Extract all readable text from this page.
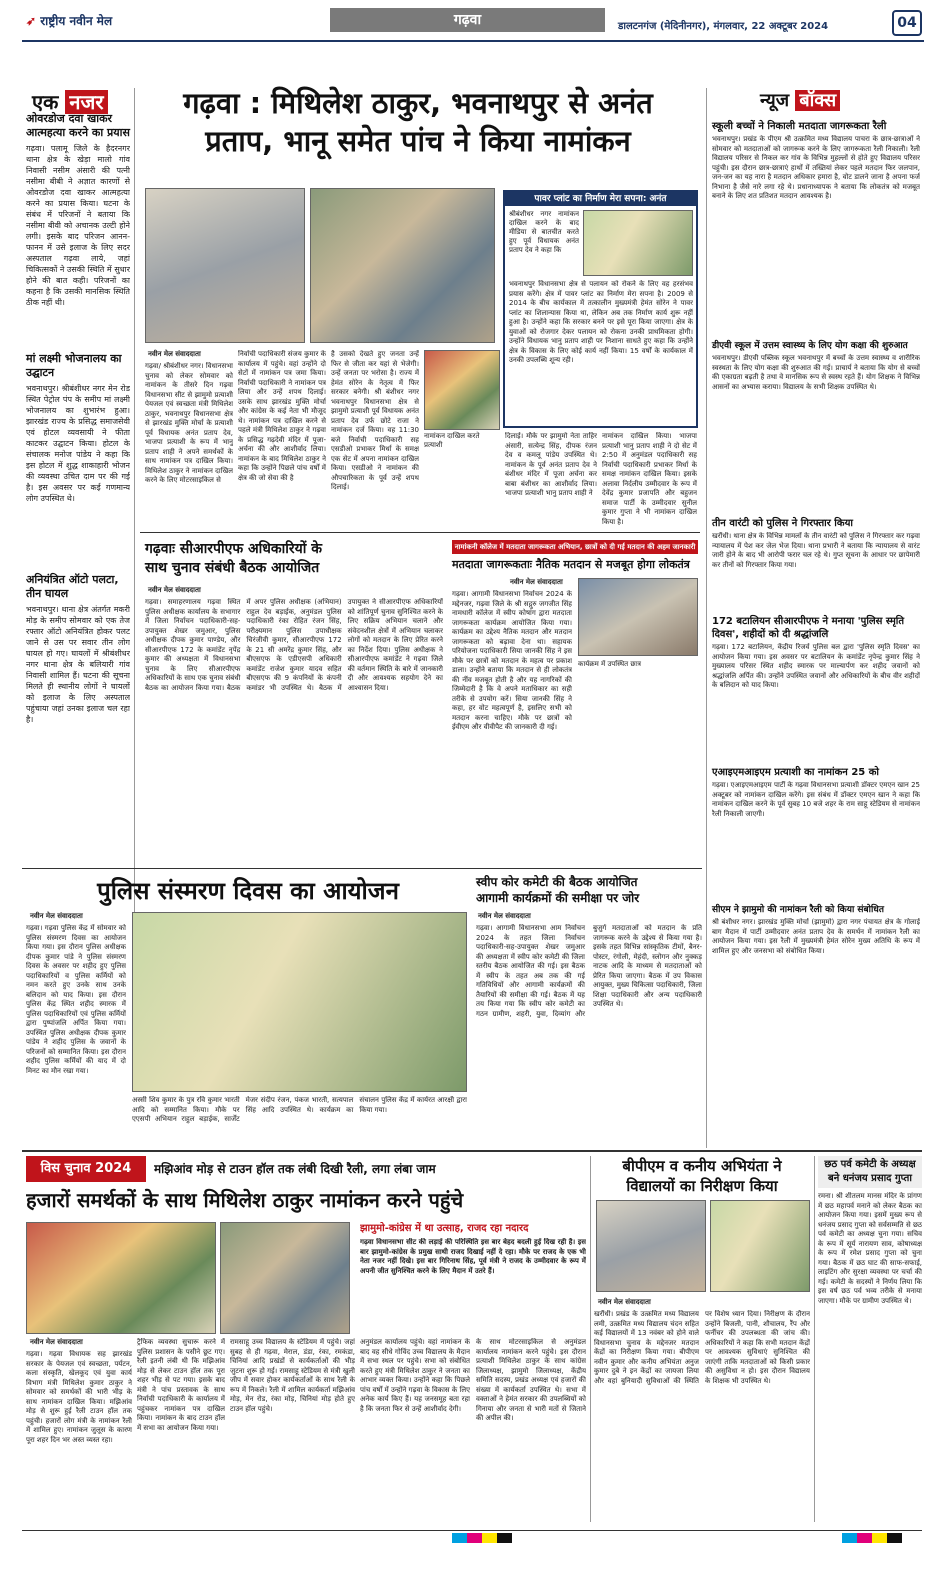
➶ राष्ट्रीय नवीन मेल	गढ़वा	डालटनगंज (मेदिनीनगर), मंगलवार, 22 अक्टूबर 2024	04
एक नजर
ओवरडोज दवा खाकर आत्महत्या करने का प्रयास
गढ़वा। पलामू जिले के हैदरनगर थाना क्षेत्र के खेड़ा मालो गांव निवासी नसीम अंसारी की पत्नी नसीमा बीबी ने अज्ञात कारणों से ओवरडोज दवा खाकर आत्महत्या करने का प्रयास किया। घटना के संबंध में परिजनों ने बताया कि नसीमा बीवी को अचानक उल्टी होने लगी। इसके बाद परिजन आनन-फानन में उसे इलाज के लिए सदर अस्पताल गढ़वा लाये, जहां चिकित्सकों ने उसकी स्थिति में सुधार होने की बात कही। परिजनों का कहना है कि उसकी मानसिक स्थिति ठीक नहीं थी।
मां लक्ष्मी भोजनालय का उद्घाटन
भवनाथपुर। श्रीबंशीधर नगर मेन रोड स्थित पेट्रोल पंप के समीप मां लक्ष्मी भोजनालय का शुभारंभ हुआ। झारखंड राज्य के प्रसिद्ध समाजसेवी एवं होटल व्यवसायी ने फीता काटकर उद्घाटन किया। होटल के संचालक मनोज पांडेय ने कहा कि इस होटल में शुद्ध शाकाहारी भोजन की व्यवस्था उचित दाम पर की गई है। इस अवसर पर कई गणमान्य लोग उपस्थित थे।
अनियंत्रित ऑटो पलटा, तीन घायल
भवनाथपुर। थाना क्षेत्र अंतर्गत मकरी मोड़ के समीप सोमवार को एक तेज रफ्तार ऑटो अनियंत्रित होकर पलट जाने से उस पर सवार तीन लोग घायल हो गए। घायलों में श्रीबंशीधर नगर थाना क्षेत्र के बलियारी गांव निवासी शामिल हैं। घटना की सूचना मिलते ही स्थानीय लोगों ने घायलों को इलाज के लिए अस्पताल पहुंचाया जहां उनका इलाज चल रहा है।
गढ़वा : मिथिलेश ठाकुर, भवनाथपुर से अनंत
प्रताप, भानू समेत पांच ने किया नामांकन
पावर प्लांट का निर्माण मेरा सपना: अनंत
श्रीबंशीधर नगर नामांकन दाखिल करने के बाद मीडिया से बातचीत करते हुए पूर्व विधायक अनंत प्रताप देव ने कहा कि
भवनाथपुर विधानसभा क्षेत्र से पलायन को रोकने के लिए वह हरसंभव प्रयास करेंगे। क्षेत्र में पावर प्लांट का निर्माण मेरा सपना है। 2009 से 2014 के बीच कार्यकाल में तत्कालीन मुख्यमंत्री हेमंत सोरेन ने पावर प्लांट का शिलान्यास किया था, लेकिन अब तक निर्माण कार्य शुरू नहीं हुआ है। उन्होंने कहा कि सरकार बनने पर इसे पूरा किया जाएगा। क्षेत्र के युवाओं को रोजगार देकर पलायन को रोकना उनकी प्राथमिकता होगी। उन्होंने विधायक भानु प्रताप शाही पर निशाना साधते हुए कहा कि उन्होंने क्षेत्र के विकास के लिए कोई कार्य नहीं किया। 15 वर्षों के कार्यकाल में उनकी उपलब्धि शून्य रही।
नवीन मेल संवाददाता
गढ़वा/ श्रीबंशीधर नगर। विधानसभा चुनाव को लेकर सोमवार को नामांकन के तीसरे दिन गढ़वा विधानसभा सीट से झामुमो प्रत्याशी पेयजल एवं स्वच्छता मंत्री मिथिलेश ठाकुर, भवनाथपुर विधानसभा क्षेत्र से झारखंड मुक्ति मोर्चा के प्रत्याशी पूर्व विधायक अनंत प्रताप देव, भाजपा प्रत्याशी के रूप में भानु प्रताप शाही ने अपने समर्थकों के साथ नामांकन पत्र दाखिल किया। मिथिलेश ठाकुर ने नामांकन दाखिल करने के लिए मोटरसाइकिल से
निर्वाची पदाधिकारी संजय कुमार के कार्यालय में पहुंचे। वहां उन्होंने दो सेटों में नामांकन पत्र जमा किया। निर्वाची पदाधिकारी ने नामांकन पत्र लिया और उन्हें शपथ दिलाई। उसके साथ झारखंड मुक्ति मोर्चा और कांग्रेस के कई नेता भी मौजूद थे। नामांकन पत्र दाखिल करने से पहले मंत्री मिथिलेश ठाकुर ने गढ़वा के प्रसिद्ध गढ़देवी मंदिर में पूजा-अर्चना की और आशीर्वाद लिया। नामांकन के बाद मिथिलेश ठाकुर ने कहा कि उन्होंने पिछले पांच वर्षों में क्षेत्र की जो सेवा की है
है उसको देखते हुए जनता उन्हें फिर से जीता कर यहां से भेजेगी। उन्हें जनता पर भरोसा है। राज्य में हेमंत सोरेन के नेतृत्व में फिर सरकार बनेगी। श्री बंशीधर नगर भवनाथपुर विधानसभा क्षेत्र से झामुमो प्रत्याशी पूर्व विधायक अनंत प्रताप देव उर्फ छोटे राजा ने नामांकन दर्ज किया। वह 11:30 बजे निर्वाची पदाधिकारी सह एसडीओ प्रभाकर मिर्धा के समक्ष एक सेट में अपना नामांकन दाखिल किया। एसडीओ ने नामांकन की औपचारिकता के पूर्व उन्हें शपथ दिलाई।
दिलाई। मौके पर झामुमो नेता ताहिर अंसारी, सत्येन्द्र सिंह, दीपक रंजन देव व कमलू पांडेय उपस्थित थे। नामांकन के पूर्व अनंत प्रताप देव ने बंशीधर मंदिर में पूजा अर्चना कर बाबा बंशीधर का आशीर्वाद लिया। भाजपा प्रत्याशी भानु प्रताप शाही ने
नामांकन दाखिल किया। भाजपा प्रत्याशी भानु प्रताप शाही ने दो सेट में 2:50 में अनुमंडल पदाधिकारी सह निर्वाची पदाधिकारी प्रभाकर मिर्धा के समक्ष नामांकन दाखिल किया। इसके अलावा निर्दलीय उम्मीदवार के रूप में देवेंद्र कुमार प्रजापति और बहुजन समाज पार्टी के उम्मीदवार सुनील कुमार गुप्ता ने भी नामांकन दाखिल किया है।
नामांकन दाखिल करते प्रत्याशी
गढ़वाः सीआरपीएफ अधिकारियों के
साथ चुनाव संबंधी बैठक आयोजित
नवीन मेल संवाददाता
गढ़वा। समाहरणालय गढ़वा स्थित पुलिस अधीक्षक कार्यालय के सभागार में जिला निर्वाचन पदाधिकारी-सह-उपायुक्त शेखर जमुआर, पुलिस अधीक्षक दीपक कुमार पाण्डेय, और सीआरपीएफ 172 के कमांडेंट नृपेंद्र कुमार की अध्यक्षता में विधानसभा चुनाव के लिए सीआरपीएफ अधिकारियों के साथ एक चुनाव संबंधी बैठक का आयोजन किया गया। बैठक में अपर पुलिस अधीक्षक (अभियान) राहुल देव बड़ाईक, अनुमंडल पुलिस पदाधिकारी रंका रोहित रंजन सिंह, परीक्ष्यमान पुलिस उपाधीक्षक चिरंजीवी कुमार, सीआरपीएफ 172 के 21 सी अमरेंद्र कुमार सिंह, और बीएसएफ के एडीएसपी अधिकारी कमांडेंट राजेश कुमार यादव सहित बीएसएफ की 9 कंपनियों के कंपनी कमांडर भी उपस्थित थे। बैठक में उपायुक्त ने सीआरपीएफ अधिकारियों को शांतिपूर्ण चुनाव सुनिश्चित करने के लिए सक्रिय अभियान चलाने और संवेदनशील क्षेत्रों में अभियान चलाकर लोगों को मतदान के लिए प्रेरित करने का निर्देश दिया। पुलिस अधीक्षक ने सीआरपीएफ कमांडेंट ने गढ़वा जिले की वर्तमान स्थिति के बारे में जानकारी दी और आवश्यक सहयोग देने का आश्वासन दिया।
नामांकनी कॉलेज में मतदाता जागरूकता अभियान, छात्रों को दी गई मतदान की अहम जानकारी
मतदाता जागरूकताः नैतिक मतदान से मजबूत होगा लोकतंत्र
नवीन मेल संवाददाता
गढ़वा। आगामी विधानसभा निर्वाचन 2024 के मद्देनजर, गढ़वा जिले के श्री सद्गुरु जगजीत सिंह नामधारी कॉलेज में स्वीप कोषांग द्वारा मतदाता जागरूकता कार्यक्रम आयोजित किया गया। कार्यक्रम का उद्देश्य नैतिक मतदान और मतदान जागरूकता को बढ़ावा देना था। सहायक परियोजना पदाधिकारी सिया जानकी सिंह ने इस मौके पर छात्रों को मतदान के महत्व पर प्रकाश डाला। उन्होंने बताया कि मतदान से ही लोकतंत्र की नींव मजबूत होती है और यह नागरिकों की जिम्मेदारी है कि वे अपने मताधिकार का सही तरीके से उपयोग करें। सिया जानकी सिंह ने कहा, हर वोट महत्वपूर्ण है, इसलिए सभी को मतदान करना चाहिए। मौके पर छात्रों को ईवीएम और वीवीपैट की जानकारी दी गई।
कार्यक्रम में उपस्थित छात्र
पुलिस संस्मरण दिवस का आयोजन
नवीन मेल संवाददाता
गढ़वा। गढ़वा पुलिस केंद्र में सोमवार को पुलिस संस्मरण दिवस का आयोजन किया गया। इस दौरान पुलिस अधीक्षक दीपक कुमार पांडे ने पुलिस संस्मरण दिवस के अवसर पर शहीद हुए पुलिस पदाधिकारियों व पुलिस कर्मियों को नमन करते हुए उनके साथ उनके बलिदान को याद किया। इस दौरान पुलिस केंद्र स्थित शहीद स्मारक में पुलिस पदाधिकारियों एवं पुलिस कर्मियों द्वारा पुष्पांजलि अर्पित किया गया। उपस्थित पुलिस अधीक्षक दीपक कुमार पांडेय ने शहीद पुलिस के जवानों के परिजनों को सम्मानित किया। इस दौरान शहीद पुलिस कर्मियों की याद में दो मिनट का मौन रखा गया।
अस्सी शिव कुमार के पुत्र रवि कुमार भारती आदि को सम्मानित किया। मौके पर एएसपी अभियान राहुल बड़ाईक, सार्जेंट मेजर संदीप रंजन, पंकज भारती, सत्यपाल सिंह आदि उपस्थित थे। कार्यक्रम का संचालन पुलिस केंद्र में कार्यरत आरक्षी द्वारा किया गया।
स्वीप कोर कमेटी की बैठक आयोजित
आगामी कार्यक्रमों की समीक्षा पर जोर
नवीन मेल संवाददाता
गढ़वा। आगामी विधानसभा आम निर्वाचन 2024 के तहत जिला निर्वाचन पदाधिकारी-सह-उपायुक्त शेखर जमुआर की अध्यक्षता में स्वीप कोर कमेटी की जिला स्तरीय बैठक आयोजित की गई। इस बैठक में स्वीप के तहत अब तक की गई गतिविधियों और आगामी कार्यक्रमों की तैयारियों की समीक्षा की गई। बैठक में यह तय किया गया कि स्वीप कोर कमेटी का गठन ग्रामीण, शहरी, युवा, दिव्यांग और बुजुर्ग मतदाताओं को मतदान के प्रति जागरूक करने के उद्देश्य से किया गया है। इसके तहत विभिन्न सांस्कृतिक टीमों, बैनर-पोस्टर, रंगोली, मेहंदी, स्लोगन और नुक्कड़ नाटक आदि के माध्यम से मतदाताओं को प्रेरित किया जाएगा। बैठक में उप विकास आयुक्त, मुख्य चिकित्सा पदाधिकारी, जिला शिक्षा पदाधिकारी और अन्य पदाधिकारी उपस्थित थे।
न्यूज बॉक्स
स्कूली बच्चों ने निकाली मतदाता जागरूकता रैली
भवनाथपुर। प्रखंड के पीएम श्री उत्क्रमित मध्य विद्यालय पाचरा के छात्र-छात्राओं ने सोमवार को मतदाताओं को जागरूक करने के लिए जागरूकता रैली निकाली। रैली विद्यालय परिसर से निकल कर गांव के विभिन्न मुहल्लों से होते हुए विद्यालय परिसर पहुंची। इस दौरान छात्र-छात्राएं हाथों में तख्तियां लेकर पहले मतदान फिर जलपान, जन-जन का यह नारा है मतदान अधिकार हमारा है, वोट डालने जाना है अपना फर्ज निभाना है जैसे नारे लगा रहे थे। प्रधानाध्यापक ने बताया कि लोकतंत्र को मजबूत बनाने के लिए शत प्रतिशत मतदान आवश्यक है।
डीएवी स्कूल में उत्तम स्वास्थ्य के लिए योग कक्षा की शुरुआत
भवनाथपुर। डीएवी पब्लिक स्कूल भवनाथपुर में बच्चों के उत्तम स्वास्थ्य व शारीरिक स्वस्थता के लिए योग कक्षा की शुरुआत की गई। प्राचार्य ने बताया कि योग से बच्चों की एकाग्रता बढ़ती है तथा वे मानसिक रूप से स्वस्थ रहते हैं। योग शिक्षक ने विभिन्न आसनों का अभ्यास कराया। विद्यालय के सभी शिक्षक उपस्थित थे।
तीन वारंटी को पुलिस ने गिरफ्तार किया
खरौंधी। थाना क्षेत्र के विभिन्न मामलों के तीन वारंटी को पुलिस ने गिरफ्तार कर गढ़वा न्यायालय में पेश कर जेल भेज दिया। थाना प्रभारी ने बताया कि न्यायालय से वारंट जारी होने के बाद भी आरोपी फरार चल रहे थे। गुप्त सूचना के आधार पर छापेमारी कर तीनों को गिरफ्तार किया गया।
172 बटालियन सीआरपीएफ ने मनाया 'पुलिस स्मृति दिवस', शहीदों को दी श्रद्धांजलि
गढ़वा। 172 बटालियन, केंद्रीय रिजर्व पुलिस बल द्वारा 'पुलिस स्मृति दिवस' का आयोजन किया गया। इस अवसर पर बटालियन के कमांडेंट नृपेन्द्र कुमार सिंह ने मुख्यालय परिसर स्थित शहीद स्मारक पर माल्यार्पण कर शहीद जवानों को श्रद्धांजलि अर्पित की। उन्होंने उपस्थित जवानों और अधिकारियों के बीच वीर शहीदों के बलिदान को याद किया।
एआइएमआइएम प्रत्याशी का नामांकन 25 को
गढ़वा। एआइएमआइएम पार्टी के गढ़वा विधानसभा प्रत्याशी डॉक्टर एमएन खान 25 अक्टूबर को नामांकन दाखिल करेंगे। इस संबंध में डॉक्टर एमएन खान ने कहा कि नामांकन दाखिल करने के पूर्व सुबह 10 बजे शहर के राम साहू स्टेडियम से नामांकन रैली निकाली जाएगी।
सीएम ने झामुमो की नामांकन रैली को किया संबोधित
श्री बंशीधर नगर। झारखंड मुक्ति मोर्चा (झामुमो) द्वारा नगर पंचायत क्षेत्र के गोलाई बाग मैदान में पार्टी उम्मीदवार अनंत प्रताप देव के समर्थन में नामांकन रैली का आयोजन किया गया। इस रैली में मुख्यमंत्री हेमंत सोरेन मुख्य अतिथि के रूप में शामिल हुए और जनसभा को संबोधित किया।
विस चुनाव 2024	मझिआंव मोड़ से टाउन हॉल तक लंबी दिखी रैली, लगा लंबा जाम
हजारों समर्थकों के साथ मिथिलेश ठाकुर नामांकन करने पहुंचे
झामुमो-कांग्रेस में था उत्साह, राजद रहा नदारद
गढ़वा विधानसभा सीट की लड़ाई की परिस्थिति इस बार बेहद बदली हुई दिख रही है। इस बार झामुमो-कांग्रेस के प्रमुख साथी राजद दिखाई नहीं दे रहा। मौके पर राजद के एक भी नेता नजर नहीं दिखे। इस बार गिरिनाथ सिंह, पूर्व मंत्री ने राजद के उम्मीदवार के रूप में अपनी जीत सुनिश्चित करने के लिए मैदान में उतरे हैं।
नवीन मेल संवाददाता
गढ़वा। गढ़वा विधायक सह झारखंड सरकार के पेयजल एवं स्वच्छता, पर्यटन, कला संस्कृति, खेलकूद एवं युवा कार्य विभाग मंत्री मिथिलेश कुमार ठाकुर ने सोमवार को समर्थकों की भारी भीड़ के साथ नामांकन दाखिल किया। मझिआंव मोड़ से शुरू हुई रैली टाउन हॉल तक पहुंची। हजारों लोग मंत्री के नामांकन रैली में शामिल हुए। नामांकन जुलूस के कारण पूरा शहर दिन भर अस्त व्यस्त रहा।
ट्रैफिक व्यवस्था सुचारू करने में पुलिस प्रशासन के पसीने छूट गए। रैली इतनी लंबी थी कि मझिआंव मोड़ से लेकर टाउन हॉल तक पूरा शहर भीड़ से पट गया। इसके बाद मंत्री ने पांच प्रस्तावक के साथ निर्वाची पदाधिकारी के कार्यालय में पहुंचकर नामांकन पत्र दाखिल किया। नामांकन के बाद टाउन हॉल में सभा का आयोजन किया गया।
रामसाहू उच्च विद्यालय के स्टेडियम में पहुंचे। जहां सुबह से ही गढ़वा, मेराल, डंडा, रंका, रमकंडा, चिनियां आदि प्रखंडों से कार्यकर्ताओं की भीड़ जुटना शुरू हो गई। रामसाहू स्टेडियम से मंत्री खुली जीप में सवार होकर कार्यकर्ताओं के साथ रैली के रूप में निकले। रैली में शामिल कार्यकर्ता मझिआंव मोड़, मेन रोड, रंका मोड़, चिनियां मोड़ होते हुए टाउन हॉल पहुंचे।
अनुमंडल कार्यालय पहुंचे। वहां नामांकन के बाद वह सीधे गोविंद उच्च विद्यालय के मैदान में सभा स्थल पर पहुंचे। सभा को संबोधित करते हुए मंत्री मिथिलेश ठाकुर ने जनता का आभार व्यक्त किया। उन्होंने कहा कि पिछले पांच वर्षों में उन्होंने गढ़वा के विकास के लिए अनेक कार्य किए हैं। यह जनसमूह बता रहा है कि जनता फिर से उन्हें आशीर्वाद देगी।
के साथ मोटरसाइकिल से अनुमंडल कार्यालय नामांकन करने पहुंचे। इस दौरान प्रत्याशी मिथिलेश ठाकुर के साथ कांग्रेस जिलाध्यक्ष, झामुमो जिलाध्यक्ष, केंद्रीय समिति सदस्य, प्रखंड अध्यक्ष एवं हजारों की संख्या में कार्यकर्ता उपस्थित थे। सभा में वक्ताओं ने हेमंत सरकार की उपलब्धियों को गिनाया और जनता से भारी मतों से जिताने की अपील की।
बीपीएम व कनीय अभियंता ने
विद्यालयों का निरीक्षण किया
नवीन मेल संवाददाता
खरौंधी। प्रखंड के उत्क्रमित मध्य विद्यालय लमी, उत्क्रमित मध्य विद्यालय चंदन सहित कई विद्यालयों में 13 नवंबर को होने वाले विधानसभा चुनाव के मद्देनजर मतदान केंद्रों का निरीक्षण किया गया। बीपीएम नवीन कुमार और कनीय अभियंता अनुज कुमार दुबे ने इन केंद्रों का जायजा लिया और वहां बुनियादी सुविधाओं की स्थिति पर विशेष ध्यान दिया। निरीक्षण के दौरान उन्होंने बिजली, पानी, शौचालय, रैंप और फर्नीचर की उपलब्धता की जांच की। अधिकारियों ने कहा कि सभी मतदान केंद्रों पर आवश्यक सुविधाएं सुनिश्चित की जाएंगी ताकि मतदाताओं को किसी प्रकार की असुविधा न हो। इस दौरान विद्यालय के शिक्षक भी उपस्थित थे।
छठ पर्व कमेटी के अध्यक्ष बने धनंजय प्रसाद गुप्ता
रमना। श्री शीतलम मानस मंदिर के प्रांगण में छठ महापर्व मनाने को लेकर बैठक का आयोजन किया गया। इसमें मुख्य रूप से धनंजय प्रसाद गुप्ता को सर्वसम्मति से छठ पर्व कमेटी का अध्यक्ष चुना गया। सचिव के रूप में सूर्य नारायण साव, कोषाध्यक्ष के रूप में रमेश प्रसाद गुप्ता को चुना गया। बैठक में छठ घाट की साफ-सफाई, लाइटिंग और सुरक्षा व्यवस्था पर चर्चा की गई। कमेटी के सदस्यों ने निर्णय लिया कि इस वर्ष छठ पर्व भव्य तरीके से मनाया जाएगा। मौके पर ग्रामीण उपस्थित थे।
